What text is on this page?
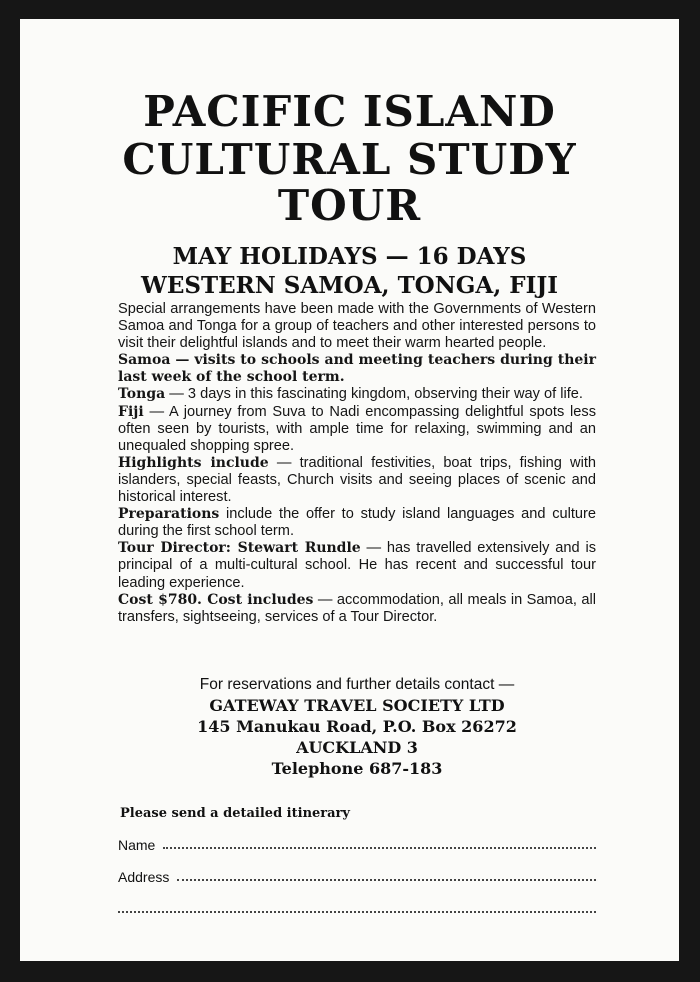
PACIFIC ISLAND
CULTURAL STUDY
TOUR
MAY HOLIDAYS — 16 DAYS
WESTERN SAMOA, TONGA, FIJI

Special arrangements have been made with the Governments of Western Samoa and Tonga for a group of teachers and other interested persons to visit their delightful islands and to meet their warm hearted people.

Samoa — visits to schools and meeting teachers during their last week of the school term.

Tonga — 3 days in this fascinating kingdom, observing their way of life.

Fiji — A journey from Suva to Nadi encompassing delightful spots less often seen by tourists, with ample time for relaxing, swimming and an unequaled shopping spree.

Highlights include — traditional festivities, boat trips, fishing with islanders, special feasts, Church visits and seeing places of scenic and historical interest.

Preparations include the offer to study island languages and culture during the first school term.

Tour Director: Stewart Rundle — has travelled extensively and is principal of a multi-cultural school. He has recent and successful tour leading experience.

Cost $780. Cost includes — accommodation, all meals in Samoa, all transfers, sightseeing, services of a Tour Director.

For reservations and further details contact —
GATEWAY TRAVEL SOCIETY LTD
145 Manukau Road, P.O. Box 26272
AUCKLAND 3
Telephone 687-183
Please send a detailed itinerary
Name
Address
